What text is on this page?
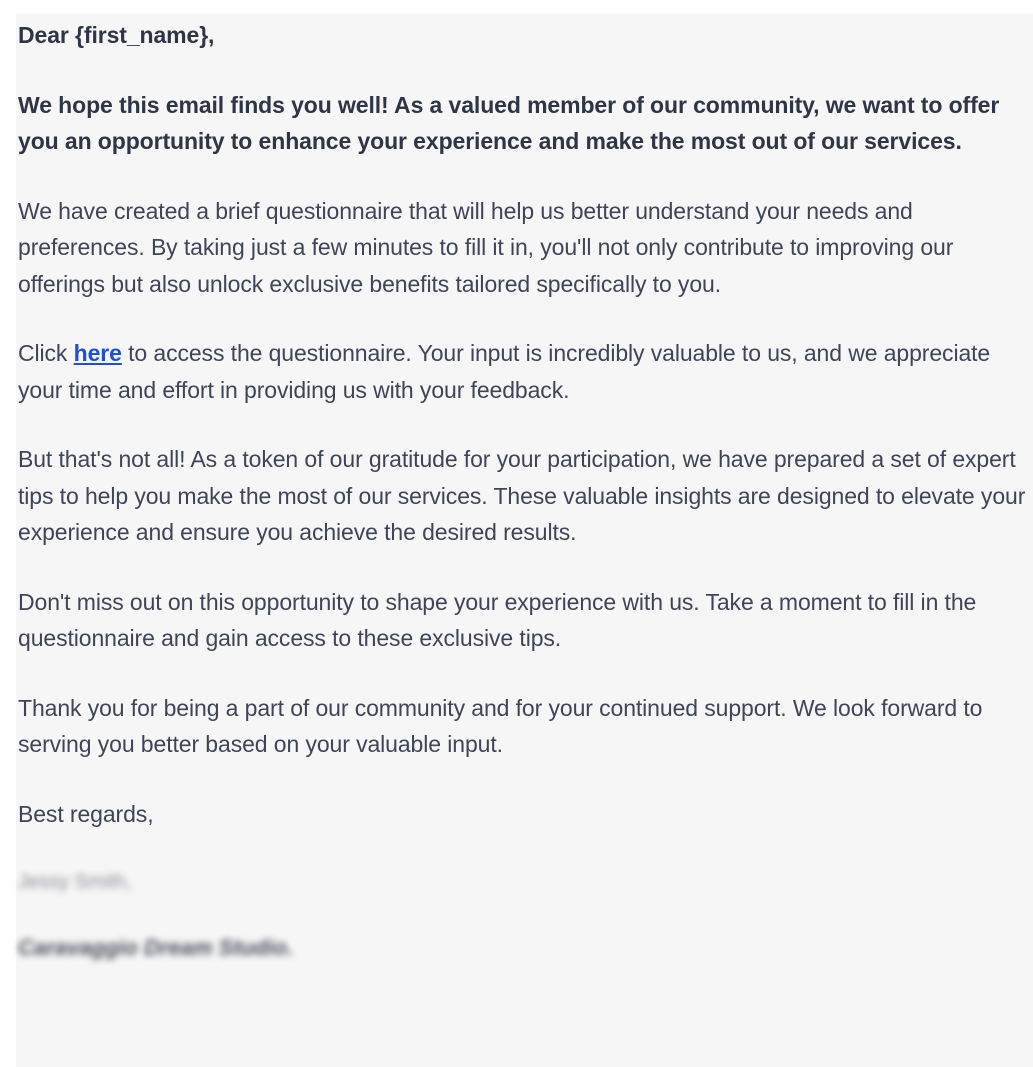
Dear {first_name},

We hope this email finds you well! As a valued member of our community, we want to offer you an opportunity to enhance your experience and make the most out of our services.

We have created a brief questionnaire that will help us better understand your needs and preferences. By taking just a few minutes to fill it in, you'll not only contribute to improving our offerings but also unlock exclusive benefits tailored specifically to you.

Click here to access the questionnaire. Your input is incredibly valuable to us, and we appreciate your time and effort in providing us with your feedback.

But that's not all! As a token of our gratitude for your participation, we have prepared a set of expert tips to help you make the most of our services. These valuable insights are designed to elevate your experience and ensure you achieve the desired results.

Don't miss out on this opportunity to shape your experience with us. Take a moment to fill in the questionnaire and gain access to these exclusive tips.

Thank you for being a part of our community and for your continued support. We look forward to serving you better based on your valuable input.

Best regards,

Jessy Smith,
Caravaggio Dream Studio.
